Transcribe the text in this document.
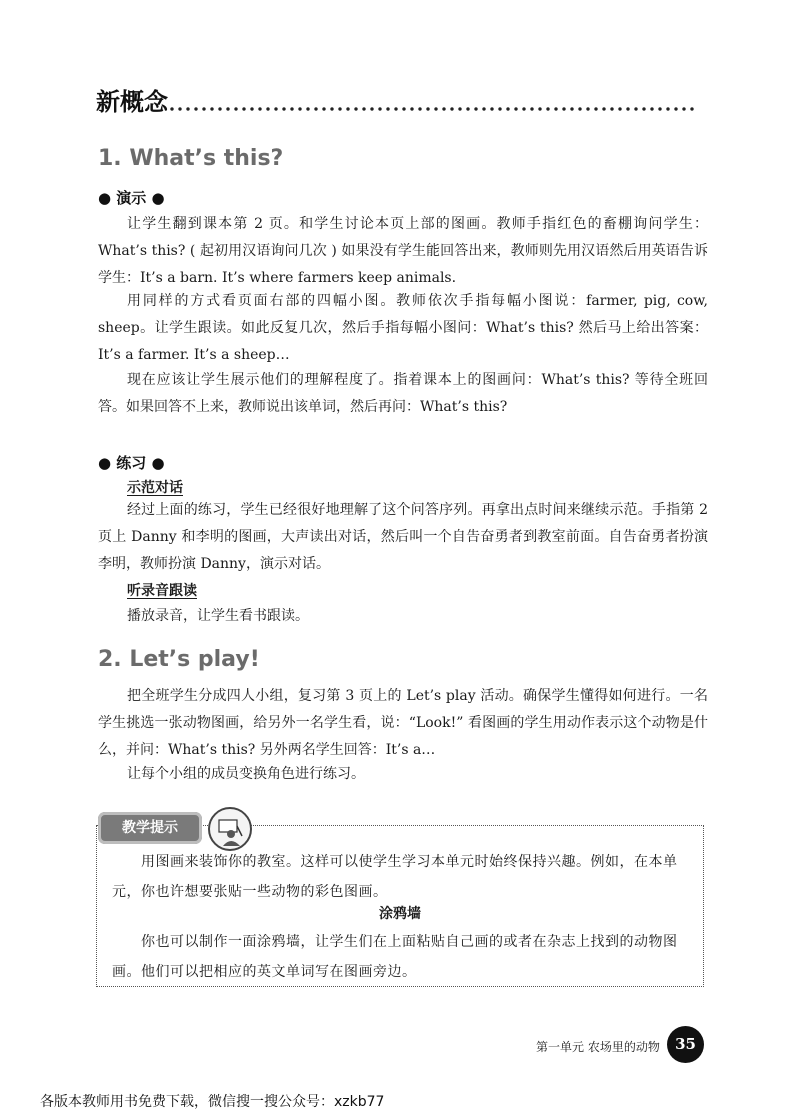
新概念
1. What’s this?
● 演示 ●
让学生翻到课本第 2 页。和学生讨论本页上部的图画。教师手指红色的畜棚询问学生：What’s this? ( 起初用汉语询问几次 ) 如果没有学生能回答出来，教师则先用汉语然后用英语告诉学生：It’s a barn. It’s where farmers keep animals.
用同样的方式看页面右部的四幅小图。教师依次手指每幅小图说：farmer, pig, cow, sheep。让学生跟读。如此反复几次，然后手指每幅小图问：What’s this? 然后马上给出答案：It’s a farmer. It’s a sheep…
现在应该让学生展示他们的理解程度了。指着课本上的图画问：What’s this? 等待全班回答。如果回答不上来，教师说出该单词，然后再问：What’s this?
● 练习 ●
示范对话
经过上面的练习，学生已经很好地理解了这个问答序列。再拿出点时间来继续示范。手指第 2 页上 Danny 和李明的图画，大声读出对话，然后叫一个自告奋勇者到教室前面。自告奋勇者扮演李明，教师扮演 Danny，演示对话。
听录音跟读
播放录音，让学生看书跟读。
2. Let’s play!
把全班学生分成四人小组，复习第 3 页上的 Let’s play 活动。确保学生懂得如何进行。一名学生挑选一张动物图画，给另外一名学生看，说：“Look!” 看图画的学生用动作表示这个动物是什么，并问：What’s this? 另外两名学生回答：It’s a…
让每个小组的成员变换角色进行练习。
教学提示
用图画来装饰你的教室。这样可以使学生学习本单元时始终保持兴趣。例如，在本单元，你也许想要张贴一些动物的彩色图画。
涂鸦墙
你也可以制作一面涂鸦墙，让学生们在上面粘贴自己画的或者在杂志上找到的动物图画。他们可以把相应的英文单词写在图画旁边。
第一单元 农场里的动物	35
各版本教师用书免费下载，微信搜一搜公众号：xzkb77
